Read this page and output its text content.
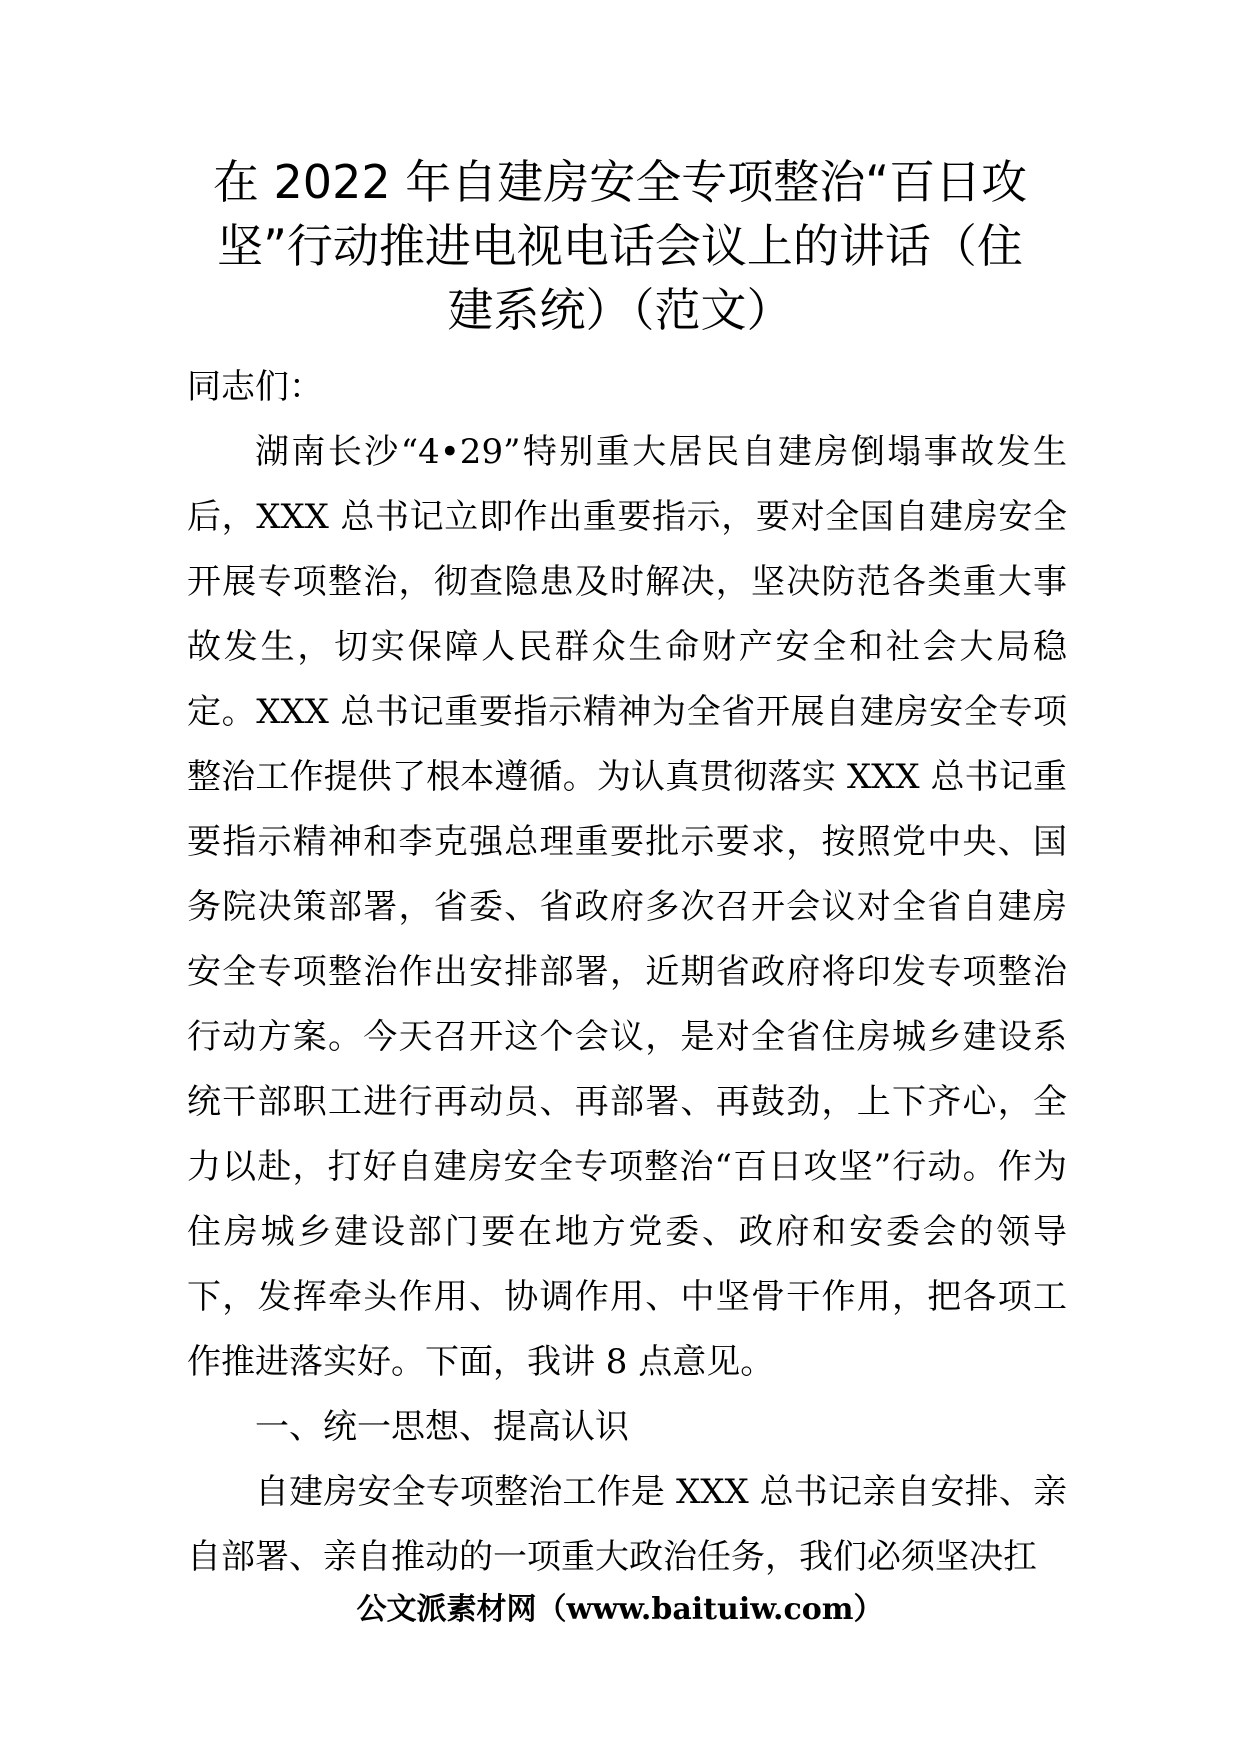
在 2022 年自建房安全专项整治“百日攻
坚”行动推进电视电话会议上的讲话（住
建系统）（范文）

同志们：

湖南长沙“4•29”特别重大居民自建房倒塌事故发生后，XXX 总书记立即作出重要指示，要对全国自建房安全开展专项整治，彻查隐患及时解决，坚决防范各类重大事故发生，切实保障人民群众生命财产安全和社会大局稳定。XXX 总书记重要指示精神为全省开展自建房安全专项整治工作提供了根本遵循。为认真贯彻落实 XXX 总书记重要指示精神和李克强总理重要批示要求，按照党中央、国务院决策部署，省委、省政府多次召开会议对全省自建房安全专项整治作出安排部署，近期省政府将印发专项整治行动方案。今天召开这个会议，是对全省住房城乡建设系统干部职工进行再动员、再部署、再鼓劲，上下齐心，全力以赴，打好自建房安全专项整治“百日攻坚”行动。作为住房城乡建设部门要在地方党委、政府和安委会的领导下，发挥牵头作用、协调作用、中坚骨干作用，把各项工作推进落实好。下面，我讲 8 点意见。

一、统一思想、提高认识

自建房安全专项整治工作是 XXX 总书记亲自安排、亲自部署、亲自推动的一项重大政治任务，我们必须坚决扛

公文派素材网（www.baituiw.com）
